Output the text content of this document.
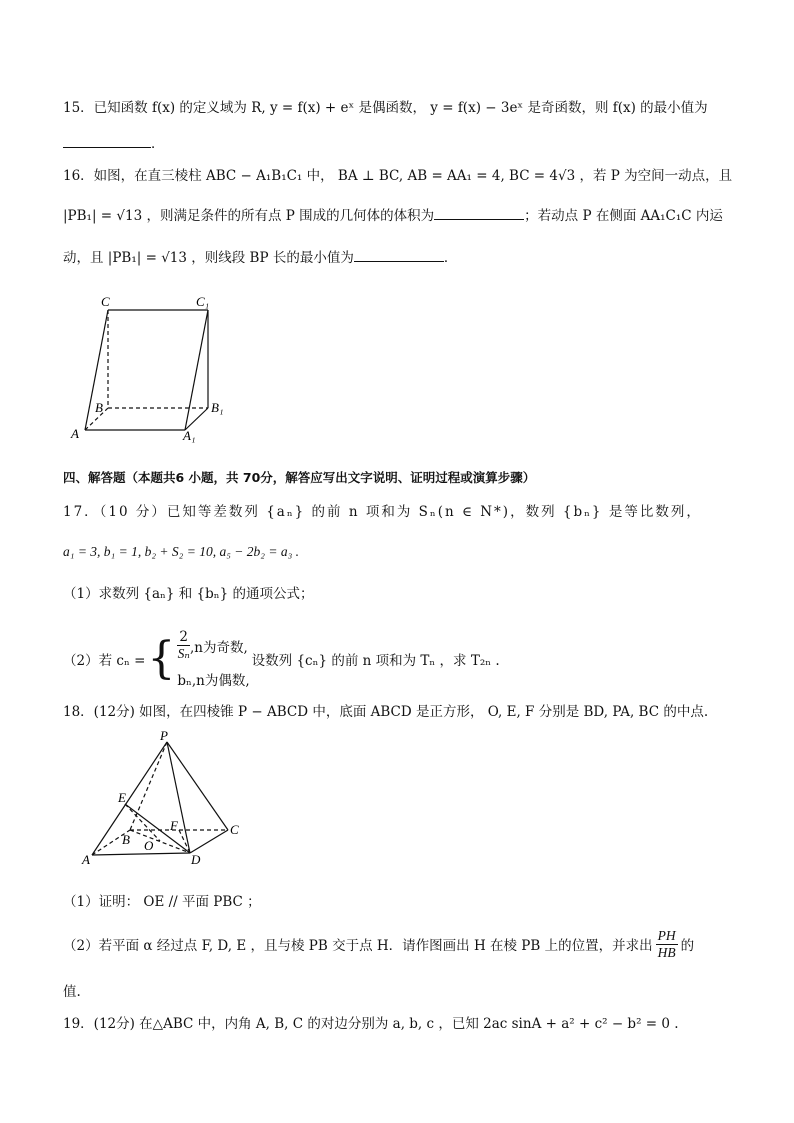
15．已知函数 f(x) 的定义域为 R, y = f(x) + eˣ 是偶函数， y = f(x) − 3eˣ 是奇函数，则 f(x) 的最小值为
．
16．如图，在直三棱柱 ABC − A₁B₁C₁ 中， BA ⊥ BC, AB = AA₁ = 4, BC = 4√3 ，若 P 为空间一动点，且
|PB₁| = √13 ，则满足条件的所有点 P 围成的几何体的体积为	；若动点 P 在侧面 AA₁C₁C 内运
动，且 |PB₁| = √13 ，则线段 BP 长的最小值为	．
C	C₁
B	B₁
A	A₁
四、解答题（本题共6 小题，共 70分，解答应写出文字说明、证明过程或演算步骤）
17．（10 分）已知等差数列 {aₙ} 的前 n 项和为 Sₙ(n ∈ N*)，数列 {bₙ} 是等比数列，
a₁ = 3, b₁ = 1, b₂ + S₂ = 10, a₅ − 2b₂ = a₃ .
（1）求数列 {aₙ} 和 {bₙ} 的通项公式；
（2）若 cₙ = { $\frac{2}{\text{Sₙ}} ,n$为奇数,
bₙ,n为偶数,
设数列 {cₙ} 的前 n 项和为 Tₙ ，求 T₂ₙ .
18．(12分) 如图，在四棱锥 P − ABCD 中，底面 ABCD 是正方形， O, E, F 分别是 BD, PA, BC 的中点.
P
E
F	C
B O
A	D
（1）证明： OE // 平面 PBC ；
（2）若平面 α 经过点 F, D, E ，且与棱 PB 交于点 H．请作图画出 H 在棱 PB 上的位置，并求出 $\frac{PH}{HB}$ 的
值.
19．(12分) 在△ABC 中，内角 A, B, C 的对边分别为 a, b, c ，已知 2ac sinA + a² + c² − b² = 0 .
